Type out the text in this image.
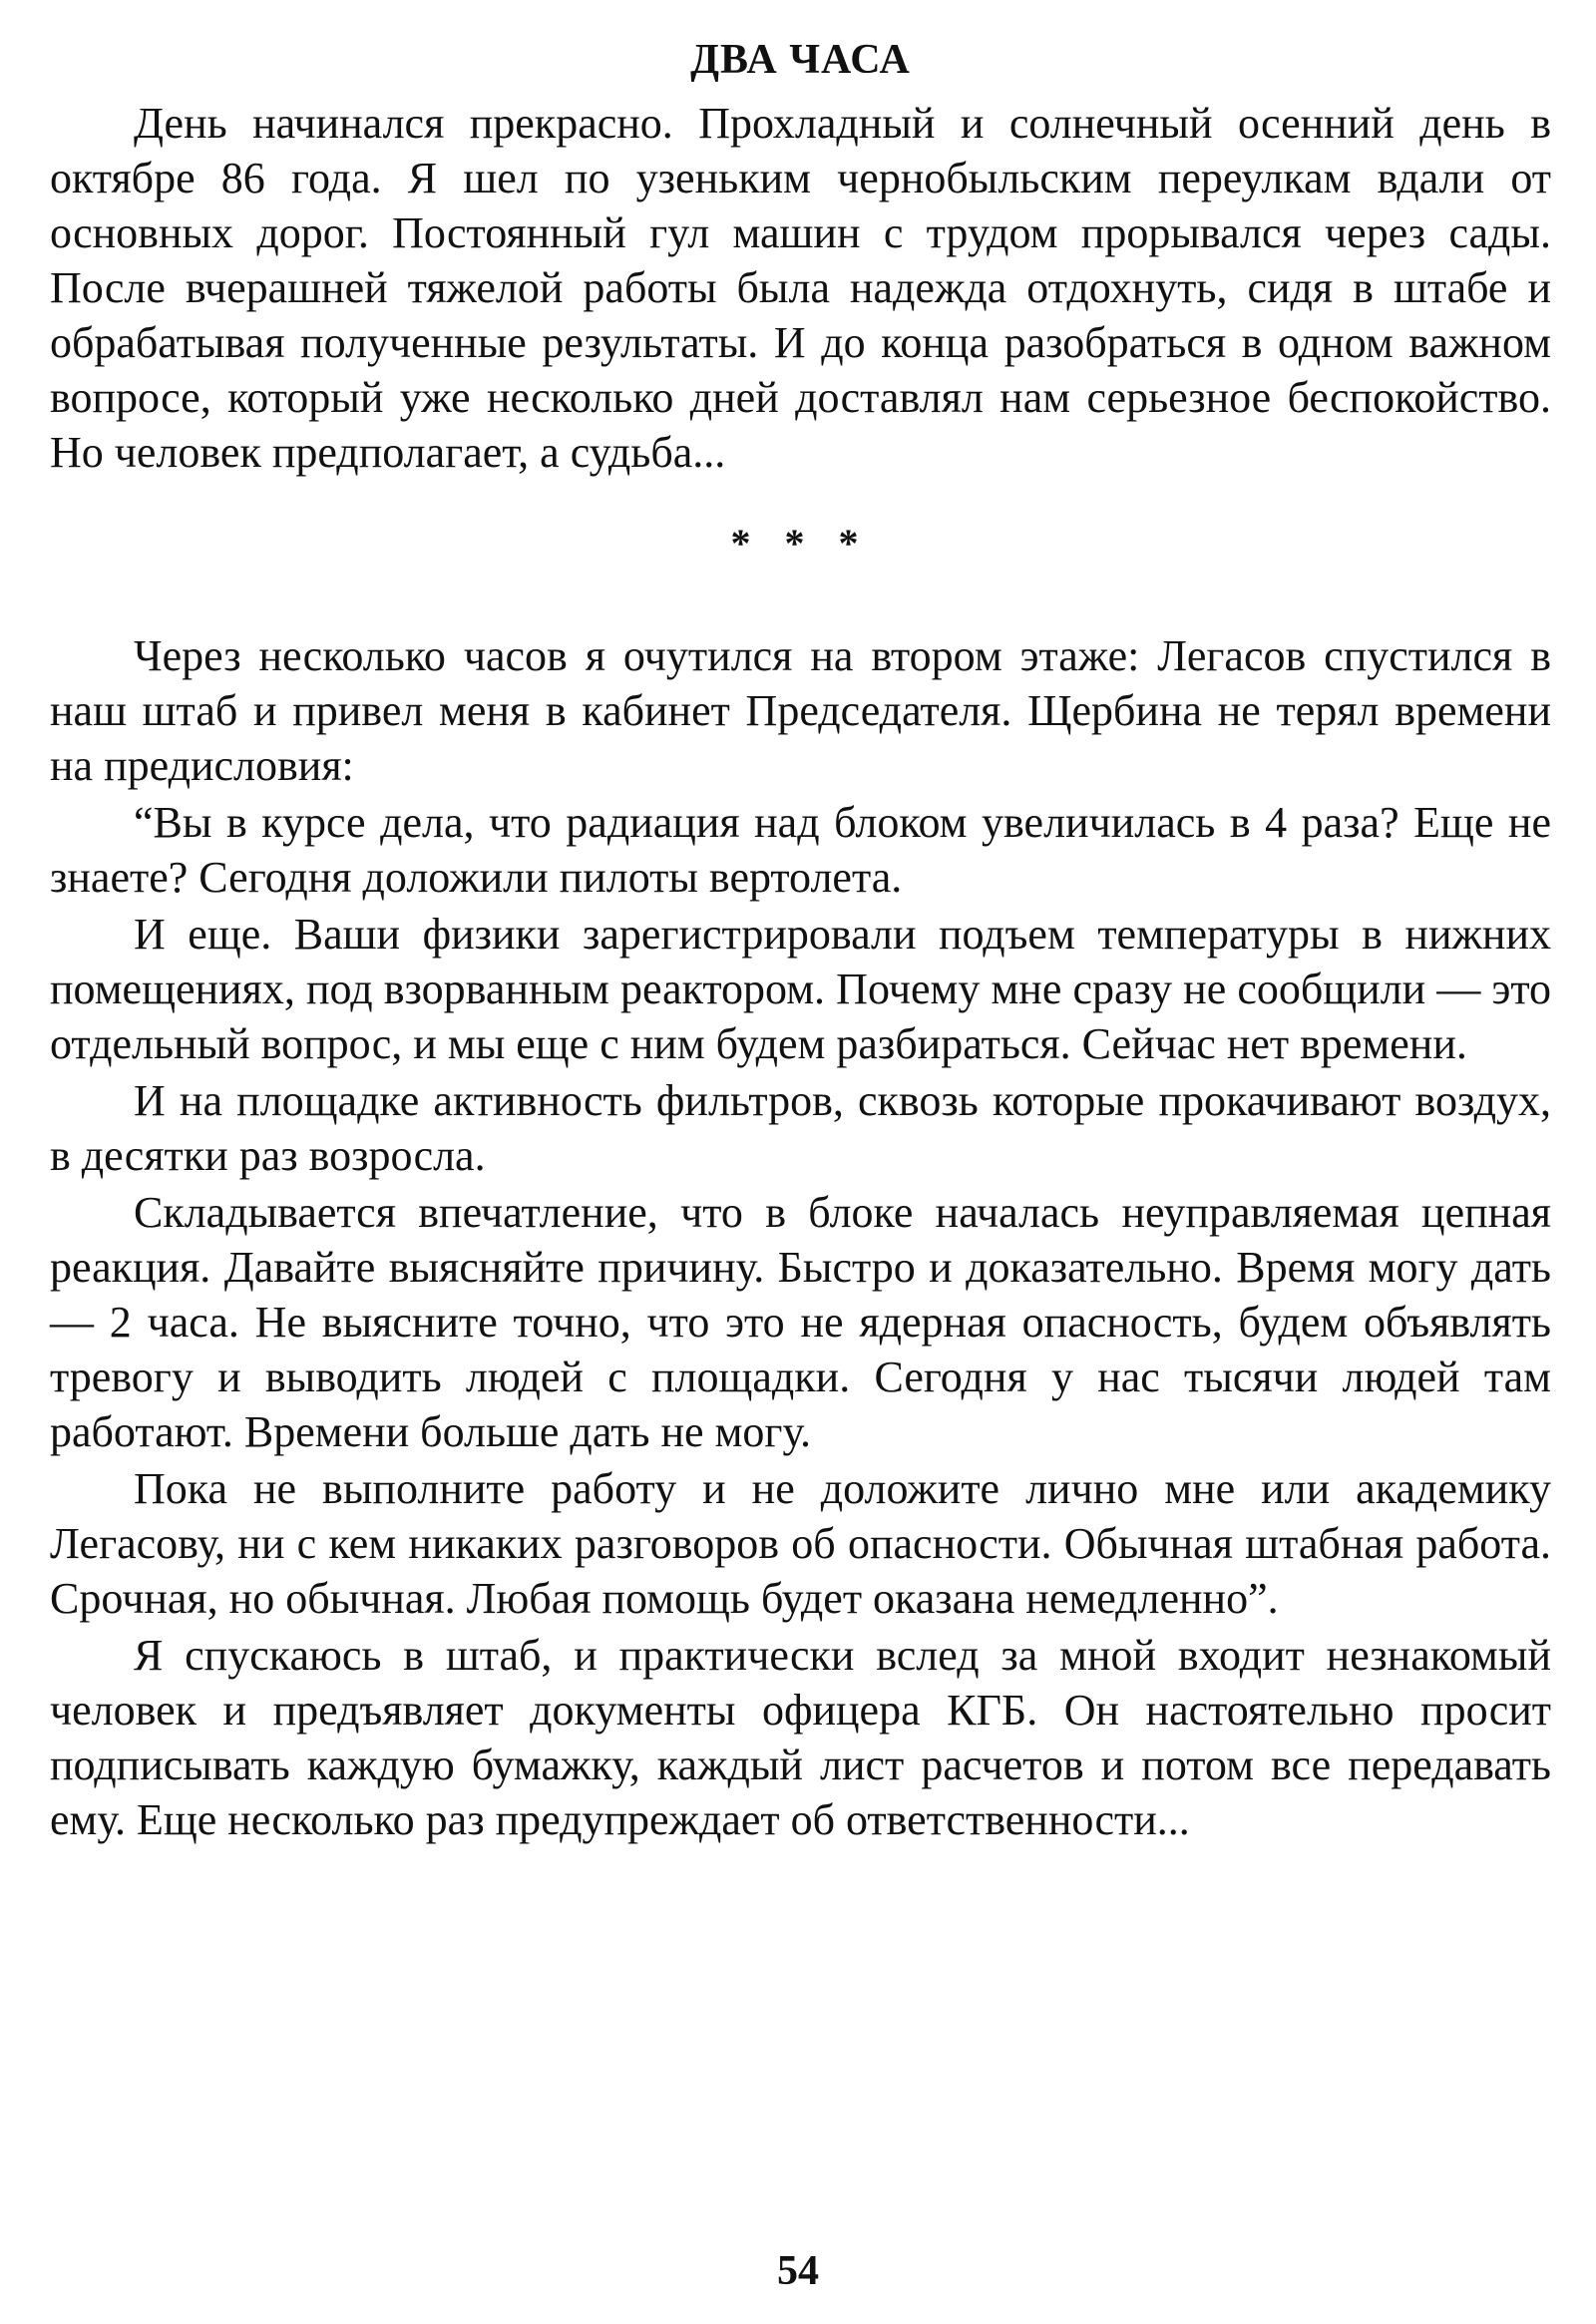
ДВА ЧАСА

День начинался прекрасно. Прохладный и солнечный осенний день в октябре 86 года. Я шел по узеньким чернобыльским переулкам вдали от основных дорог. Постоянный гул машин с трудом прорывался через сады. После вчерашней тяжелой работы была надежда отдохнуть, сидя в штабе и обрабатывая полученные результаты. И до конца разобраться в одном важном вопросе, который уже несколько дней доставлял нам серьезное беспокойство. Но человек предполагает, а судьба...

* * *

Через несколько часов я очутился на втором этаже: Легасов спустился в наш штаб и привел меня в кабинет Председателя. Щербина не терял времени на предисловия:

“Вы в курсе дела, что радиация над блоком увеличилась в 4 раза? Еще не знаете? Сегодня доложили пилоты вертолета.

И еще. Ваши физики зарегистрировали подъем температуры в нижних помещениях, под взорванным реактором. Почему мне сразу не сообщили — это отдельный вопрос, и мы еще с ним будем разбираться. Сейчас нет времени.

И на площадке активность фильтров, сквозь которые прокачивают воздух, в десятки раз возросла.

Складывается впечатление, что в блоке началась неуправляемая цепная реакция. Давайте выясняйте причину. Быстро и доказательно. Время могу дать — 2 часа. Не выясните точно, что это не ядерная опасность, будем объявлять тревогу и выводить людей с площадки. Сегодня у нас тысячи людей там работают. Времени больше дать не могу.

Пока не выполните работу и не доложите лично мне или академику Легасову, ни с кем никаких разговоров об опасности. Обычная штабная работа. Срочная, но обычная. Любая помощь будет оказана немедленно”.

Я спускаюсь в штаб, и практически вслед за мной входит незнакомый человек и предъявляет документы офицера КГБ. Он настоятельно просит подписывать каждую бумажку, каждый лист расчетов и потом все передавать ему. Еще несколько раз предупреждает об ответственности...

54
